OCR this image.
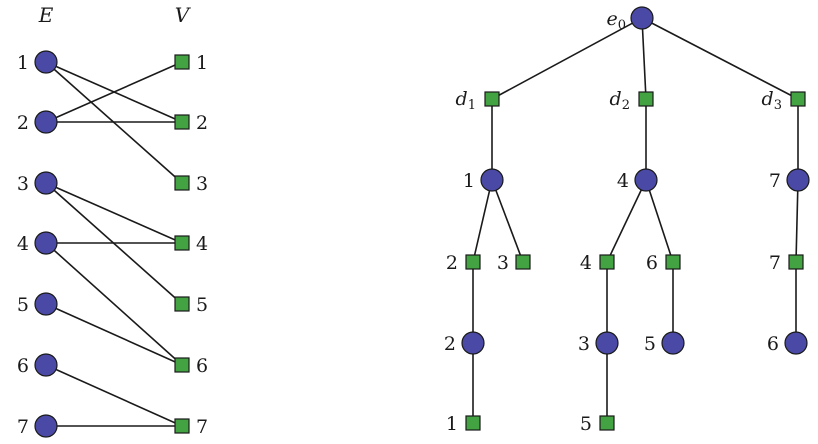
E	V
1
2
3
4
5
6
7
1
2
3
4
5
6
7
$e_0$
$d_1$	$d_2$	$d_3$
1	4	7
2 3	4	6	7
2	3	5	6
1	5
